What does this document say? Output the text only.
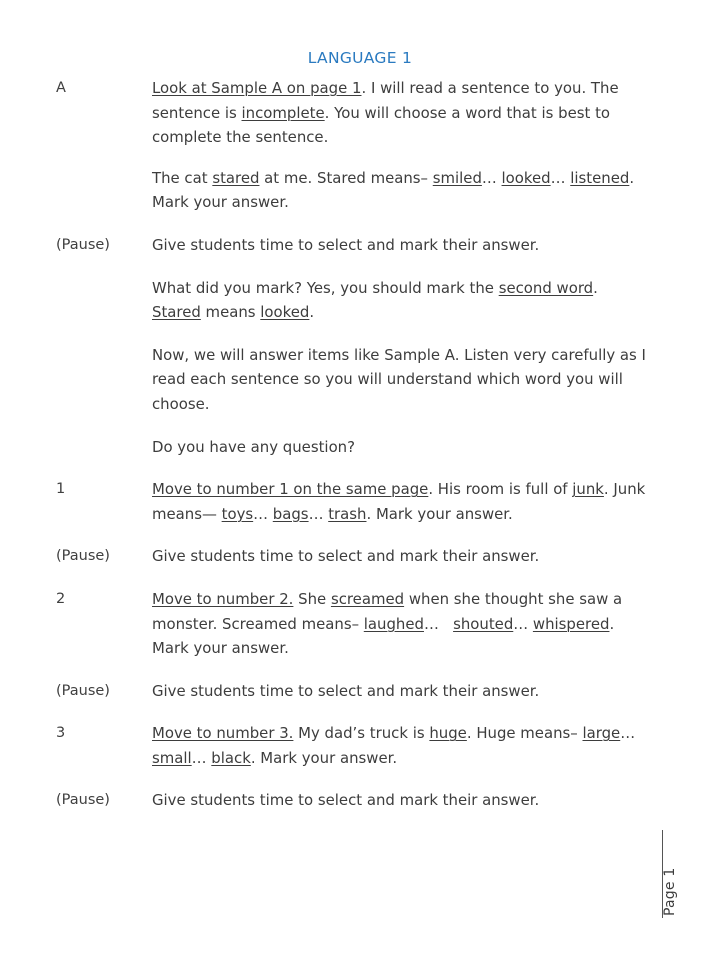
LANGUAGE 1
A	Look at Sample A on page 1. I will read a sentence to you. The sentence is incomplete. You will choose a word that is best to complete the sentence.
The cat stared at me. Stared means– smiled… looked… listened. Mark your answer.
(Pause)	Give students time to select and mark their answer.
What did you mark? Yes, you should mark the second word. Stared means looked.
Now, we will answer items like Sample A. Listen very carefully as I read each sentence so you will understand which word you will choose.
Do you have any question?
1	Move to number 1 on the same page. His room is full of junk. Junk means— toys… bags… trash. Mark your answer.
(Pause)	Give students time to select and mark their answer.
2	Move to number 2. She screamed when she thought she saw a monster. Screamed means– laughed…   shouted… whispered. Mark your answer.
(Pause)	Give students time to select and mark their answer.
3	Move to number 3. My dad’s truck is huge. Huge means– large… small… black. Mark your answer.
(Pause)	Give students time to select and mark their answer.
Page 1
